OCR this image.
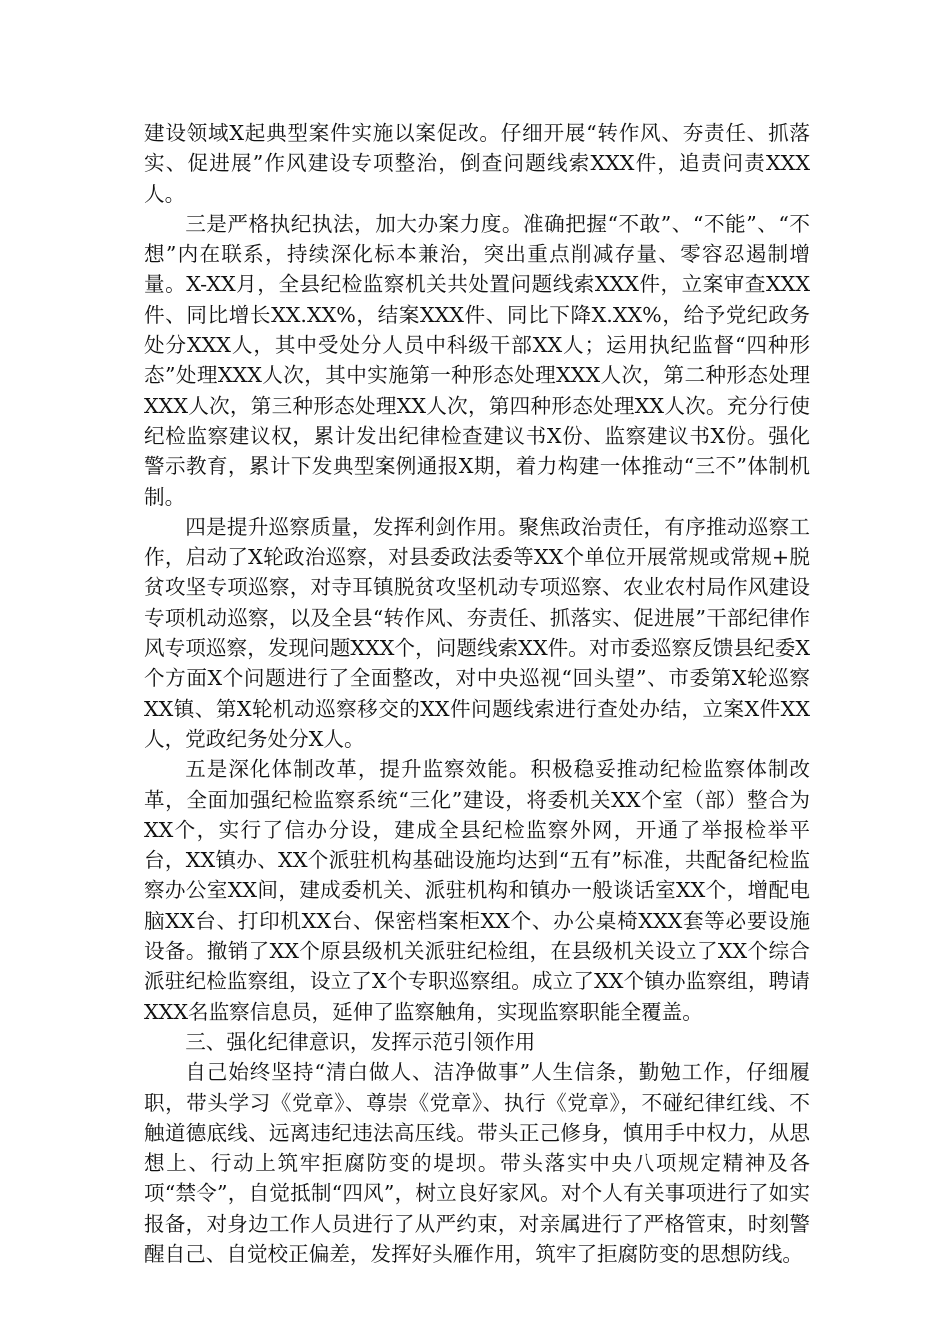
建设领域X起典型案件实施以案促改。仔细开展“转作风、夯责任、抓落实、促进展”作风建设专项整治，倒查问题线索XXX件，追责问责XXX人。

三是严格执纪执法，加大办案力度。准确把握“不敢”、“不能”、“不想”内在联系，持续深化标本兼治，突出重点削减存量、零容忍遏制增量。X-XX月，全县纪检监察机关共处置问题线索XXX件，立案审查XXX件、同比增长XX.XX%，结案XXX件、同比下降X.XX%，给予党纪政务处分XXX人，其中受处分人员中科级干部XX人；运用执纪监督“四种形态”处理XXX人次，其中实施第一种形态处理XXX人次，第二种形态处理XXX人次，第三种形态处理XX人次，第四种形态处理XX人次。充分行使纪检监察建议权，累计发出纪律检查建议书X份、监察建议书X份。强化警示教育，累计下发典型案例通报X期，着力构建一体推动“三不”体制机制。

四是提升巡察质量，发挥利剑作用。聚焦政治责任，有序推动巡察工作，启动了X轮政治巡察，对县委政法委等XX个单位开展常规或常规+脱贫攻坚专项巡察，对寺耳镇脱贫攻坚机动专项巡察、农业农村局作风建设专项机动巡察，以及全县“转作风、夯责任、抓落实、促进展”干部纪律作风专项巡察，发现问题XXX个，问题线索XX件。对市委巡察反馈县纪委X个方面X个问题进行了全面整改，对中央巡视“回头望”、市委第X轮巡察XX镇、第X轮机动巡察移交的XX件问题线索进行查处办结，立案X件XX人，党政纪务处分X人。

五是深化体制改革，提升监察效能。积极稳妥推动纪检监察体制改革，全面加强纪检监察系统“三化”建设，将委机关XX个室（部）整合为XX个，实行了信办分设，建成全县纪检监察外网，开通了举报检举平台，XX镇办、XX个派驻机构基础设施均达到“五有”标准，共配备纪检监察办公室XX间，建成委机关、派驻机构和镇办一般谈话室XX个，增配电脑XX台、打印机XX台、保密档案柜XX个、办公桌椅XXX套等必要设施设备。撤销了XX个原县级机关派驻纪检组，在县级机关设立了XX个综合派驻纪检监察组，设立了X个专职巡察组。成立了XX个镇办监察组，聘请XXX名监察信息员，延伸了监察触角，实现监察职能全覆盖。

三、强化纪律意识，发挥示范引领作用

自己始终坚持“清白做人、洁净做事”人生信条，勤勉工作，仔细履职，带头学习《党章》、尊崇《党章》、执行《党章》，不碰纪律红线、不触道德底线、远离违纪违法高压线。带头正己修身，慎用手中权力，从思想上、行动上筑牢拒腐防变的堤坝。带头落实中央八项规定精神及各项“禁令”，自觉抵制“四风”，树立良好家风。对个人有关事项进行了如实报备，对身边工作人员进行了从严约束，对亲属进行了严格管束，时刻警醒自己、自觉校正偏差，发挥好头雁作用，筑牢了拒腐防变的思想防线。
